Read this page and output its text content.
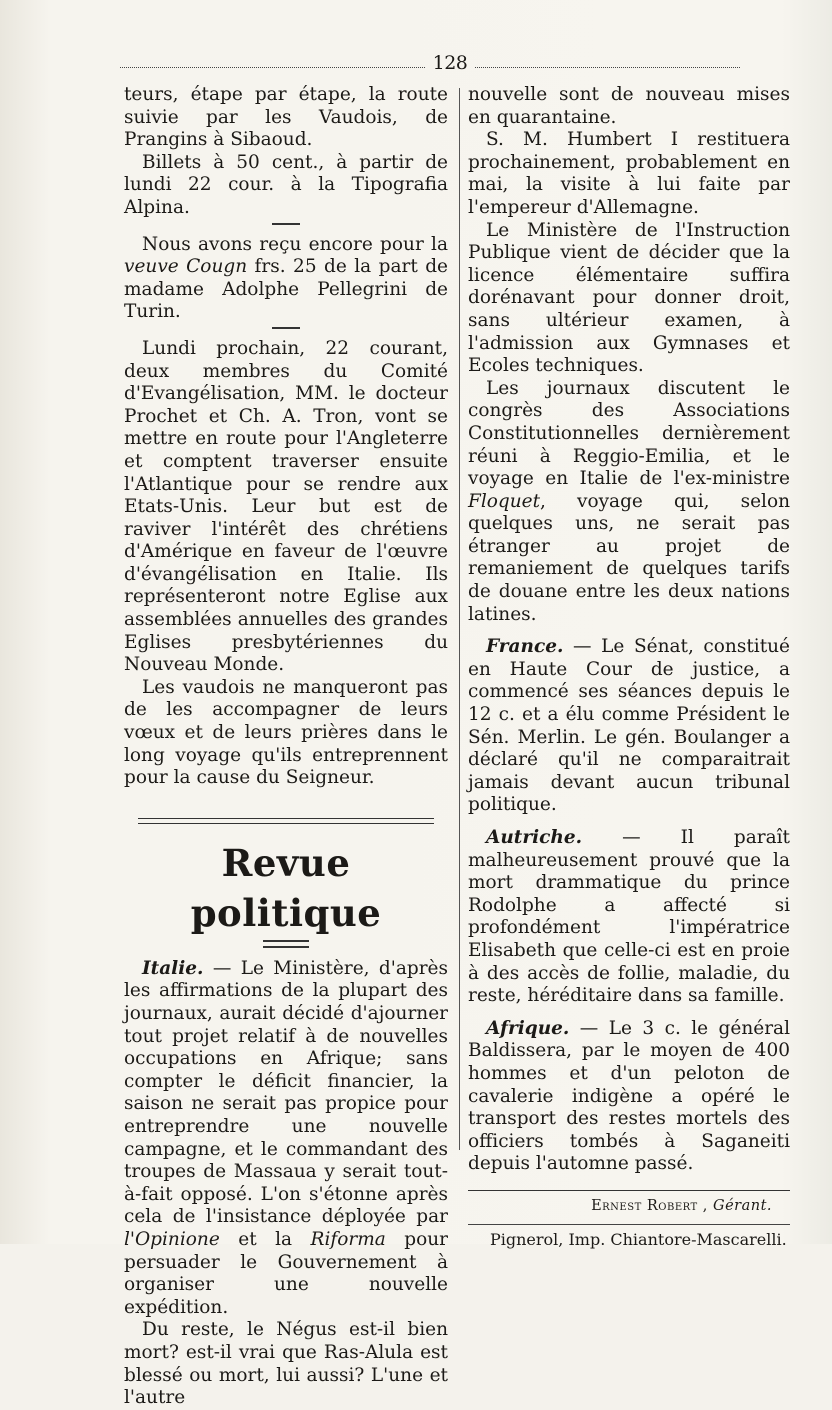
128

teurs, étape par étape, la route suivie par les Vaudois, de Prangins à Sibaoud.

Billets à 50 cent., à partir de lundi 22 cour. à la Tipografia Alpina.

Nous avons reçu encore pour la veuve Cougn frs. 25 de la part de madame Adolphe Pellegrini de Turin.

Lundi prochain, 22 courant, deux membres du Comité d'Evangélisation, MM. le docteur Prochet et Ch. A. Tron, vont se mettre en route pour l'Angleterre et comptent traverser ensuite l'Atlantique pour se rendre aux Etats-Unis. Leur but est de raviver l'intérêt des chrétiens d'Amérique en faveur de l'œuvre d'évangélisation en Italie. Ils représenteront notre Eglise aux assemblées annuelles des grandes Eglises presbytériennes du Nouveau Monde.

Les vaudois ne manqueront pas de les accompagner de leurs vœux et de leurs prières dans le long voyage qu'ils entreprennent pour la cause du Seigneur.

Revue politique

Italie. — Le Ministère, d'après les affirmations de la plupart des journaux, aurait décidé d'ajourner tout projet relatif à de nouvelles occupations en Afrique; sans compter le déficit financier, la saison ne serait pas propice pour entreprendre une nouvelle campagne, et le commandant des troupes de Massaua y serait tout-à-fait opposé. L'on s'étonne après cela de l'insistance déployée par l'Opinione et la Riforma pour persuader le Gouvernement à organiser une nouvelle expédition.

Du reste, le Négus est-il bien mort? est-il vrai que Ras-Alula est blessé ou mort, lui aussi? L'une et l'autre

nouvelle sont de nouveau mises en quarantaine.

S. M. Humbert I restituera prochainement, probablement en mai, la visite à lui faite par l'empereur d'Allemagne.

Le Ministère de l'Instruction Publique vient de décider que la licence élémentaire suffira dorénavant pour donner droit, sans ultérieur examen, à l'admission aux Gymnases et Ecoles techniques.

Les journaux discutent le congrès des Associations Constitutionnelles dernièrement réuni à Reggio-Emilia, et le voyage en Italie de l'ex-ministre Floquet, voyage qui, selon quelques uns, ne serait pas étranger au projet de remaniement de quelques tarifs de douane entre les deux nations latines.

France. — Le Sénat, constitué en Haute Cour de justice, a commencé ses séances depuis le 12 c. et a élu comme Président le Sén. Merlin. Le gén. Boulanger a déclaré qu'il ne comparaitrait jamais devant aucun tribunal politique.

Autriche. — Il paraît malheureusement prouvé que la mort drammatique du prince Rodolphe a affecté si profondément l'impératrice Elisabeth que celle-ci est en proie à des accès de follie, maladie, du reste, héréditaire dans sa famille.

Afrique. — Le 3 c. le général Baldissera, par le moyen de 400 hommes et d'un peloton de cavalerie indigène a opéré le transport des restes mortels des officiers tombés à Saganeiti depuis l'automne passé.

Ernest Robert , Gérant.
Pignerol, Imp. Chiantore-Mascarelli.
